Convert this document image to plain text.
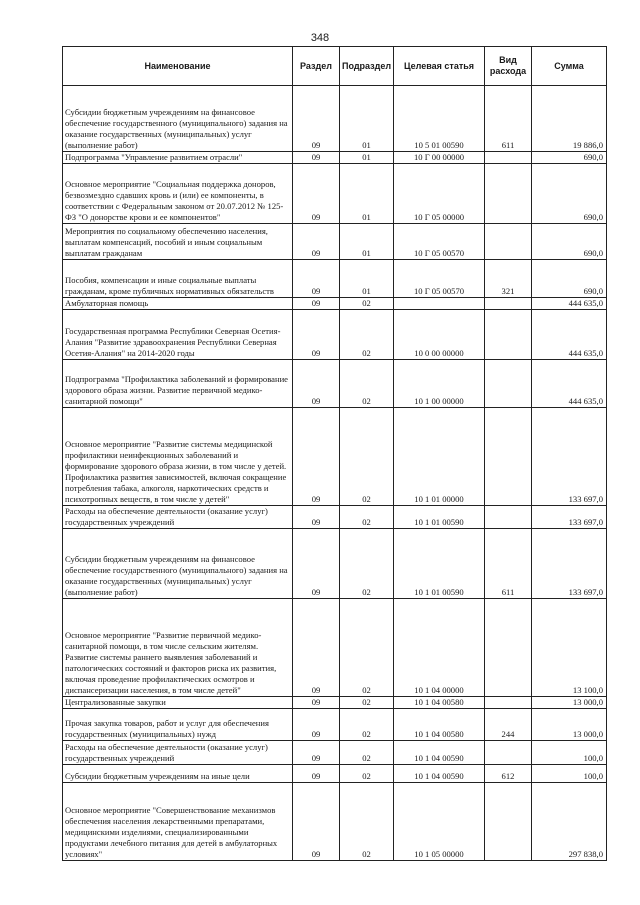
348
Наименование	Раздел	Подраздел	Целевая статья	Вид расхода	Сумма
Субсидии бюджетным учреждениям на финансовое обеспечение государственного (муниципального) задания на оказание государственных (муниципальных) услуг (выполнение работ)	09	01	10 5 01 00590	611	19 886,0
Подпрограмма "Управление развитием отрасли"	09	01	10 Г 00 00000		690,0
Основное мероприятие "Социальная поддержка доноров, безвозмездно сдавших кровь и (или) ее компоненты, в соответствии с Федеральным законом от 20.07.2012 № 125-ФЗ "О донорстве крови и ее компонентов"	09	01	10 Г 05 00000		690,0
Мероприятия по социальному обеспечению населения, выплатам компенсаций, пособий и иным социальным выплатам гражданам	09	01	10 Г 05 00570		690,0
Пособия, компенсации и иные социальные выплаты гражданам, кроме публичных нормативных обязательств	09	01	10 Г 05 00570	321	690,0
Амбулаторная помощь	09	02			444 635,0
Государственная программа Республики Северная Осетия-Алания "Развитие здравоохранения Республики Северная Осетия-Алания" на 2014-2020 годы	09	02	10 0 00 00000		444 635,0
Подпрограмма "Профилактика заболеваний и формирование здорового образа жизни. Развитие первичной медико-санитарной помощи"	09	02	10 1 00 00000		444 635,0
Основное мероприятие "Развитие системы медицинской профилактики неинфекционных заболеваний и формирование здорового образа жизни, в том числе у детей. Профилактика развития зависимостей, включая сокращение потребления табака, алкоголя, наркотических средств и психотропных веществ, в том числе у детей"	09	02	10 1 01 00000		133 697,0
Расходы на обеспечение деятельности (оказание услуг) государственных учреждений	09	02	10 1 01 00590		133 697,0
Субсидии бюджетным учреждениям на финансовое обеспечение государственного (муниципального) задания на оказание государственных (муниципальных) услуг (выполнение работ)	09	02	10 1 01 00590	611	133 697,0
Основное мероприятие "Развитие первичной медико-санитарной помощи, в том числе сельским жителям. Развитие системы раннего выявления заболеваний и патологических состояний и факторов риска их развития, включая проведение профилактических осмотров и диспансеризации населения, в том числе детей"	09	02	10 1 04 00000		13 100,0
Централизованные закупки	09	02	10 1 04 00580		13 000,0
Прочая закупка товаров, работ и услуг для обеспечения государственных (муниципальных) нужд	09	02	10 1 04 00580	244	13 000,0
Расходы на обеспечение деятельности (оказание услуг) государственных учреждений	09	02	10 1 04 00590		100,0
Субсидии бюджетным учреждениям на иные цели	09	02	10 1 04 00590	612	100,0
Основное мероприятие "Совершенствование механизмов обеспечения населения лекарственными препаратами, медицинскими изделиями, специализированными продуктами лечебного питания для детей в амбулаторных условиях"	09	02	10 1 05 00000		297 838,0
